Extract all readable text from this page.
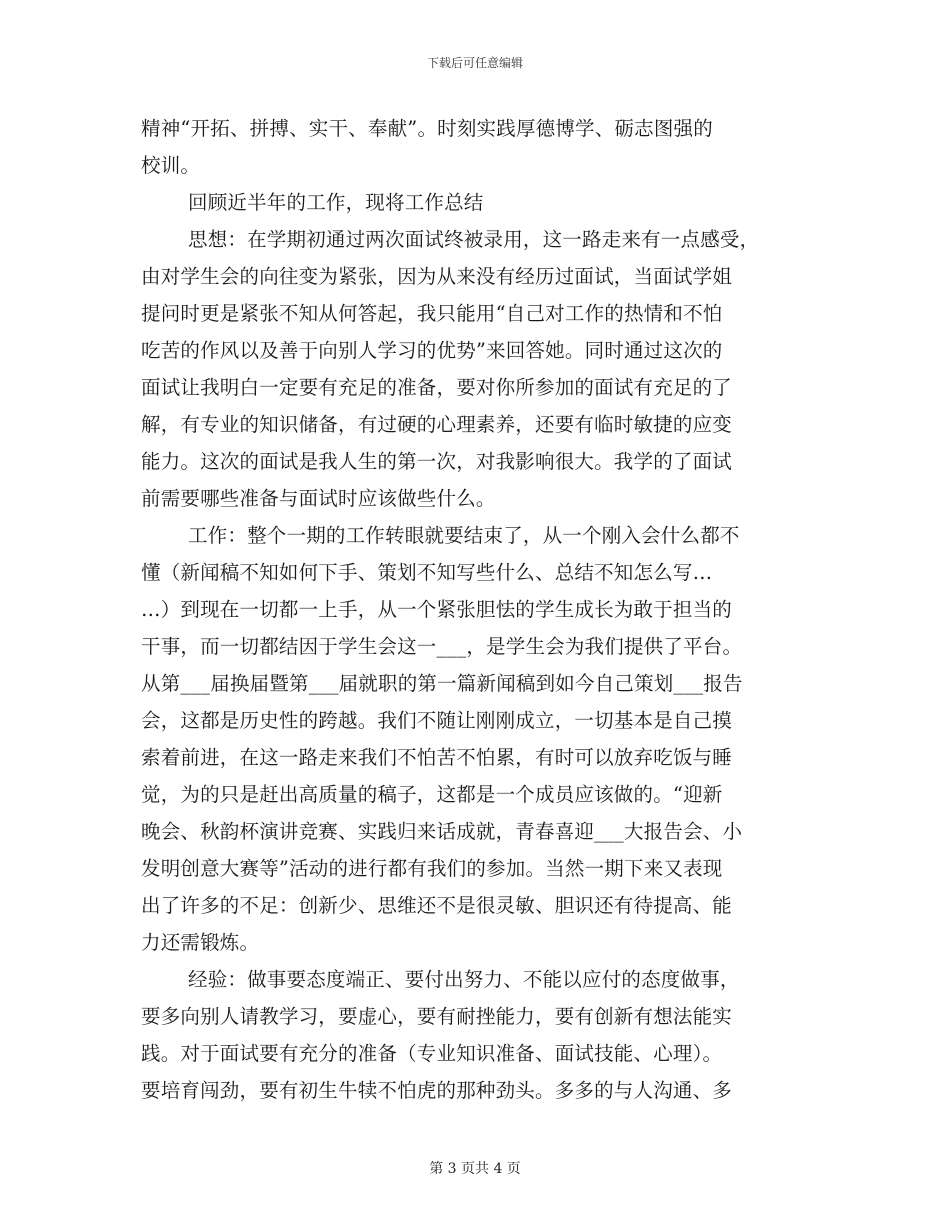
下载后可任意编辑
精神“开拓、拼搏、实干、奉献”。时刻实践厚德博学、砺志图强的
校训。
回顾近半年的工作，现将工作总结
思想：在学期初通过两次面试终被录用，这一路走来有一点感受，
由对学生会的向往变为紧张，因为从来没有经历过面试，当面试学姐
提问时更是紧张不知从何答起，我只能用“自己对工作的热情和不怕
吃苦的作风以及善于向别人学习的优势”来回答她。同时通过这次的
面试让我明白一定要有充足的准备，要对你所参加的面试有充足的了
解，有专业的知识储备，有过硬的心理素养，还要有临时敏捷的应变
能力。这次的面试是我人生的第一次，对我影响很大。我学的了面试
前需要哪些准备与面试时应该做些什么。
工作：整个一期的工作转眼就要结束了，从一个刚入会什么都不
懂（新闻稿不知如何下手、策划不知写些什么、总结不知怎么写…
…）到现在一切都一上手，从一个紧张胆怯的学生成长为敢于担当的
干事，而一切都结因于学生会这一___，是学生会为我们提供了平台。
从第___届换届暨第___届就职的第一篇新闻稿到如今自己策划___报告
会，这都是历史性的跨越。我们不随让刚刚成立，一切基本是自己摸
索着前进，在这一路走来我们不怕苦不怕累，有时可以放弃吃饭与睡
觉，为的只是赶出高质量的稿子，这都是一个成员应该做的。“迎新
晚会、秋韵杯演讲竞赛、实践归来话成就，青春喜迎___大报告会、小
发明创意大赛等”活动的进行都有我们的参加。当然一期下来又表现
出了许多的不足：创新少、思维还不是很灵敏、胆识还有待提高、能
力还需锻炼。
经验：做事要态度端正、要付出努力、不能以应付的态度做事，
要多向别人请教学习，要虚心，要有耐挫能力，要有创新有想法能实
践。对于面试要有充分的准备（专业知识准备、面试技能、心理）。
要培育闯劲，要有初生牛犊不怕虎的那种劲头。多多的与人沟通、多
第 3 页共 4 页
